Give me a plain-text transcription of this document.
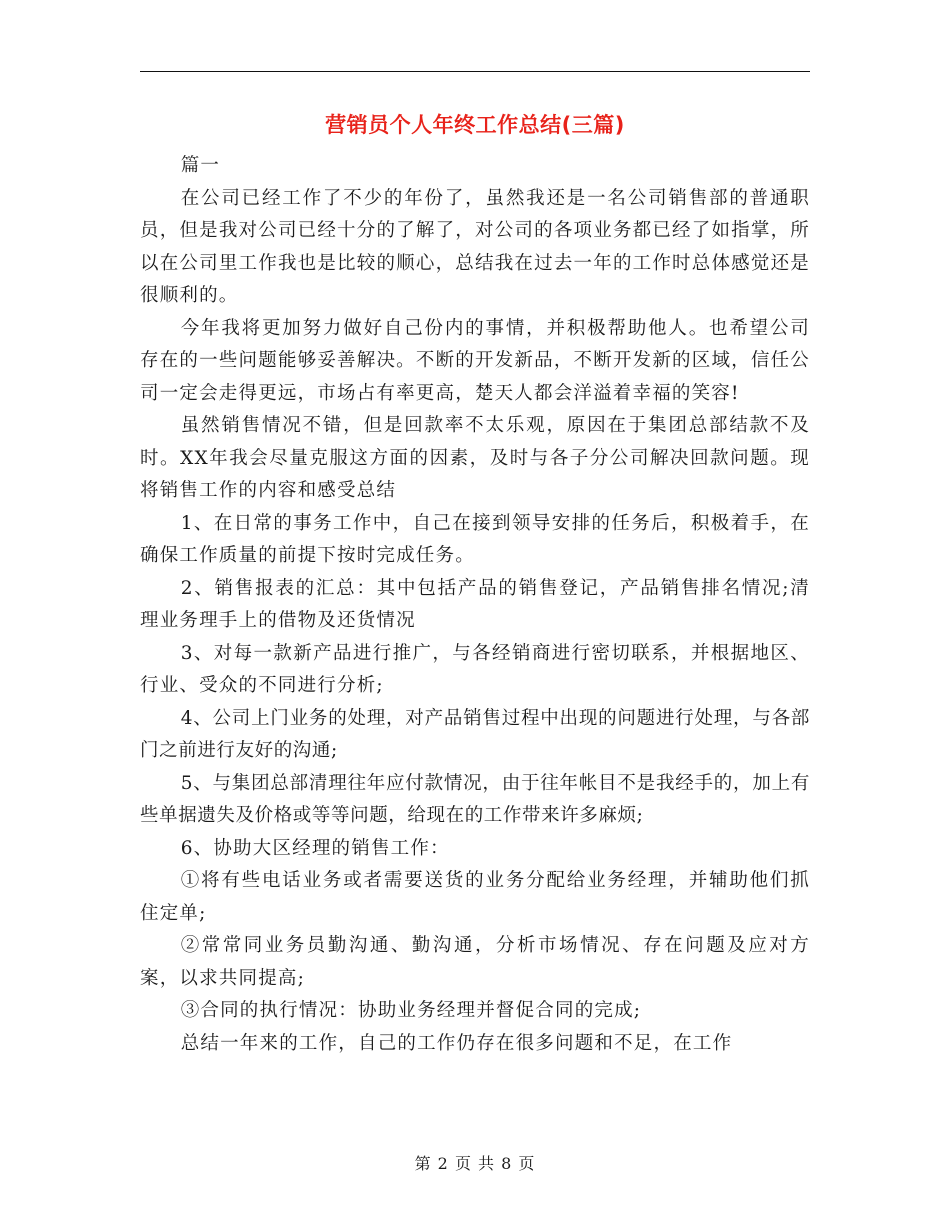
营销员个人年终工作总结(三篇)

篇一

在公司已经工作了不少的年份了，虽然我还是一名公司销售部的普通职员，但是我对公司已经十分的了解了，对公司的各项业务都已经了如指掌，所以在公司里工作我也是比较的顺心，总结我在过去一年的工作时总体感觉还是很顺利的。

今年我将更加努力做好自己份内的事情，并积极帮助他人。也希望公司存在的一些问题能够妥善解决。不断的开发新品，不断开发新的区域，信任公司一定会走得更远，市场占有率更高，楚天人都会洋溢着幸福的笑容!

虽然销售情况不错，但是回款率不太乐观，原因在于集团总部结款不及时。XX年我会尽量克服这方面的因素，及时与各子分公司解决回款问题。现将销售工作的内容和感受总结

1、在日常的事务工作中，自己在接到领导安排的任务后，积极着手，在确保工作质量的前提下按时完成任务。

2、销售报表的汇总：其中包括产品的销售登记，产品销售排名情况;清理业务理手上的借物及还货情况

3、对每一款新产品进行推广，与各经销商进行密切联系，并根据地区、行业、受众的不同进行分析;

4、公司上门业务的处理，对产品销售过程中出现的问题进行处理，与各部门之前进行友好的沟通;

5、与集团总部清理往年应付款情况，由于往年帐目不是我经手的，加上有些单据遗失及价格或等等问题，给现在的工作带来许多麻烦;

6、协助大区经理的销售工作：

①将有些电话业务或者需要送货的业务分配给业务经理，并辅助他们抓住定单;

②常常同业务员勤沟通、勤沟通，分析市场情况、存在问题及应对方案，以求共同提高;

③合同的执行情况：协助业务经理并督促合同的完成;

总结一年来的工作，自己的工作仍存在很多问题和不足，在工作

第 2 页 共 8 页
